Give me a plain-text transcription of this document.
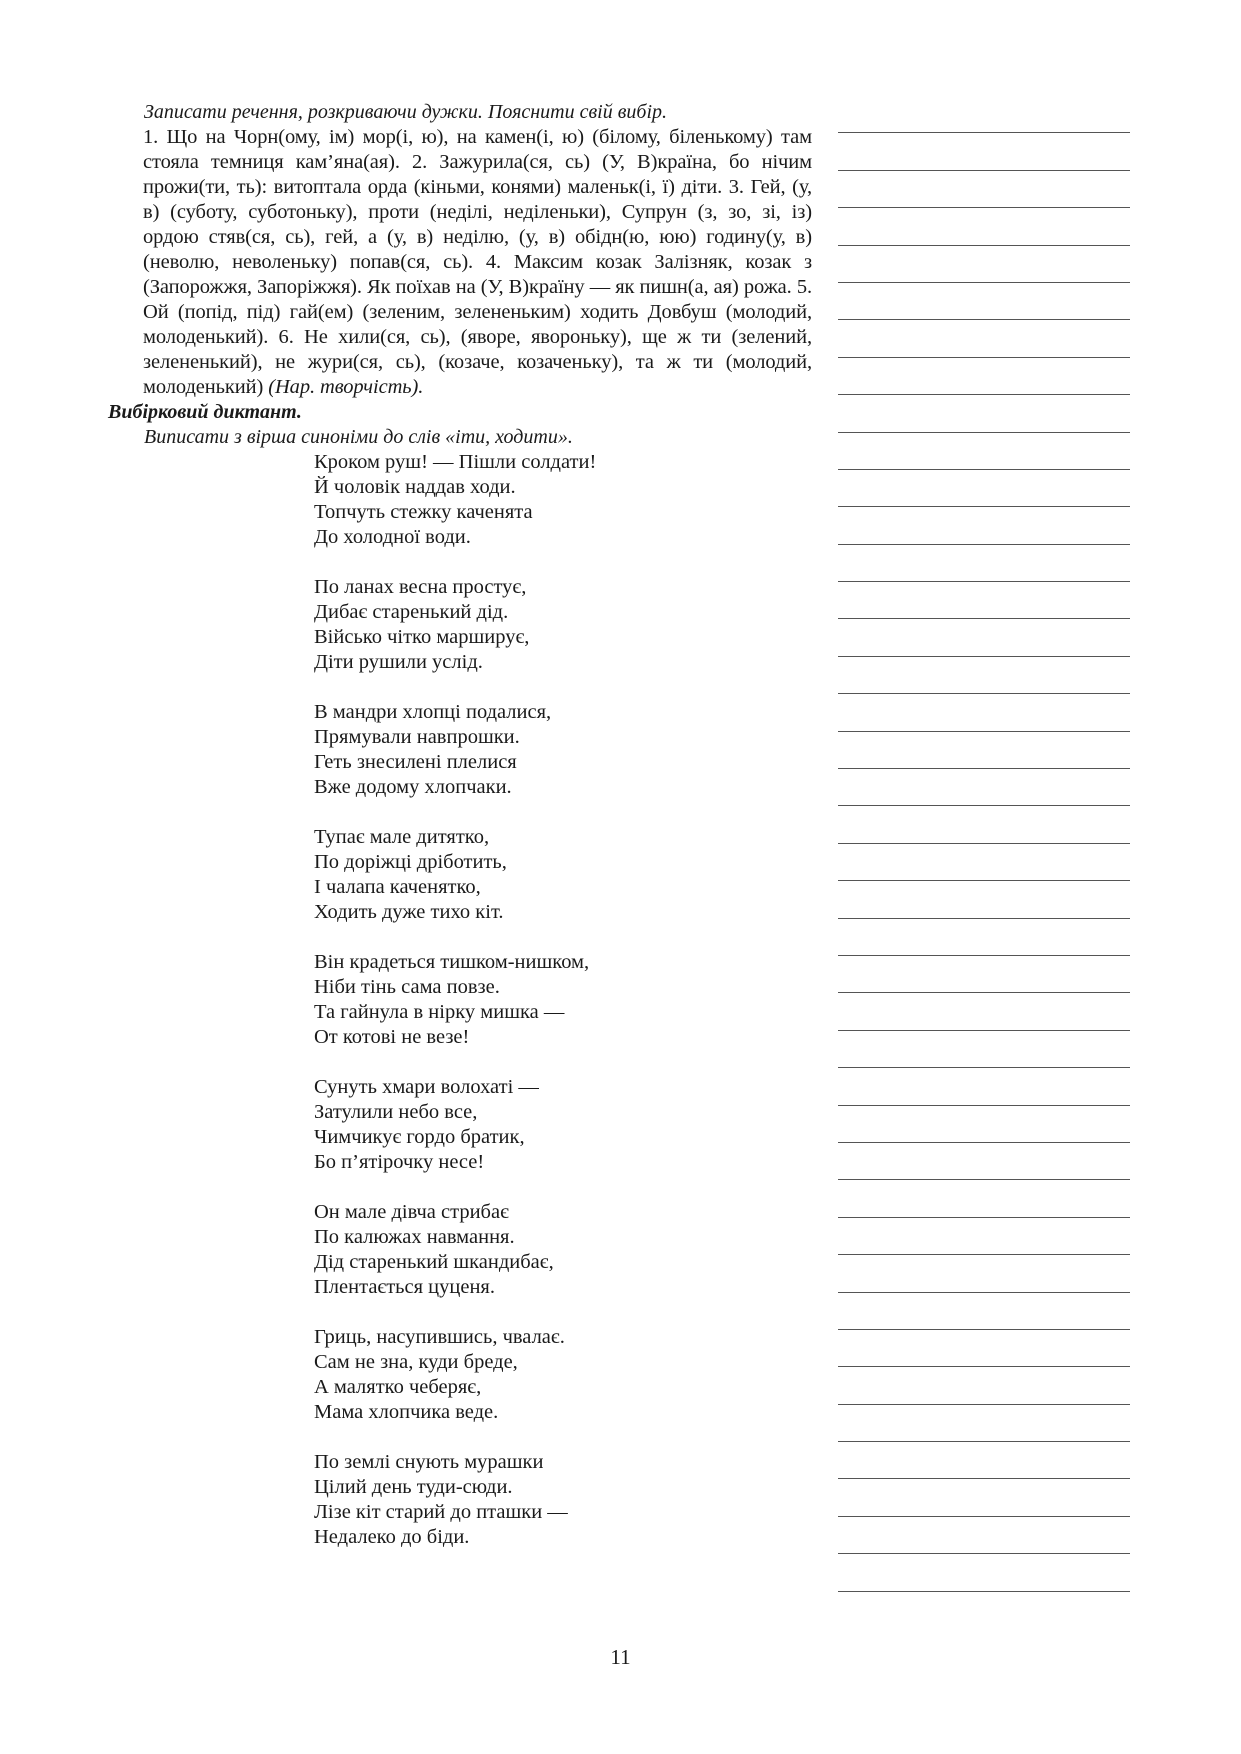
Записати речення, розкриваючи дужки. Пояснити свій вибір.
1. Що на Чорн(ому, ім) мор(і, ю), на камен(і, ю) (білому, біленькому) там стояла темниця кам’яна(ая). 2. Зажурила(ся, сь) (У, В)країна, бо нічим прожи(ти, ть): витоптала орда (кіньми, конями) маленьк(і, ї) діти. 3. Гей, (у, в) (суботу, суботоньку), проти (неділі, неділеньки), Супрун (з, зо, зі, із) ордою стяв(ся, сь), гей, а (у, в) неділю, (у, в) обідн(ю, юю) годину(у, в) (неволю, неволеньку) попав(ся, сь). 4. Максим козак Залізняк, козак з (Запорожжя, Запоріжжя). Як поїхав на (У, В)країну — як пишн(а, ая) рожа. 5. Ой (попід, під) гай(ем) (зеленим, зелененьким) ходить Довбуш (молодий, молоденький). 6. Не хили(ся, сь), (яворе, явороньку), ще ж ти (зелений, зелененький), не жури(ся, сь), (козаче, козаченьку), та ж ти (молодий, молоденький) (Нар. творчість).
Вибірковий диктант.
Виписати з вірша синоніми до слів «іти, ходити».
Кроком руш! — Пішли солдати!
Й чоловік наддав ходи.
Топчуть стежку каченята
До холодної води.
По ланах весна простує,
Дибає старенький дід.
Військо чітко марширує,
Діти рушили услід.
В мандри хлопці подалися,
Прямували навпрошки.
Геть знесилені плелися
Вже додому хлопчаки.
Тупає мале дитятко,
По доріжці дріботить,
І чалапа каченятко,
Ходить дуже тихо кіт.
Він крадеться тишком-нишком,
Ніби тінь сама повзе.
Та гайнула в нірку мишка —
От котові не везе!
Сунуть хмари волохаті —
Затулили небо все,
Чимчикує гордо братик,
Бо п’ятірочку несе!
Он мале дівча стрибає
По калюжах навмання.
Дід старенький шкандибає,
Плентається цуценя.
Гриць, насупившись, чвалає.
Сам не зна, куди бреде,
А малятко чеберяє,
Мама хлопчика веде.
По землі снують мурашки
Цілий день туди-сюди.
Лізе кіт старий до пташки —
Недалеко до біди.
11
